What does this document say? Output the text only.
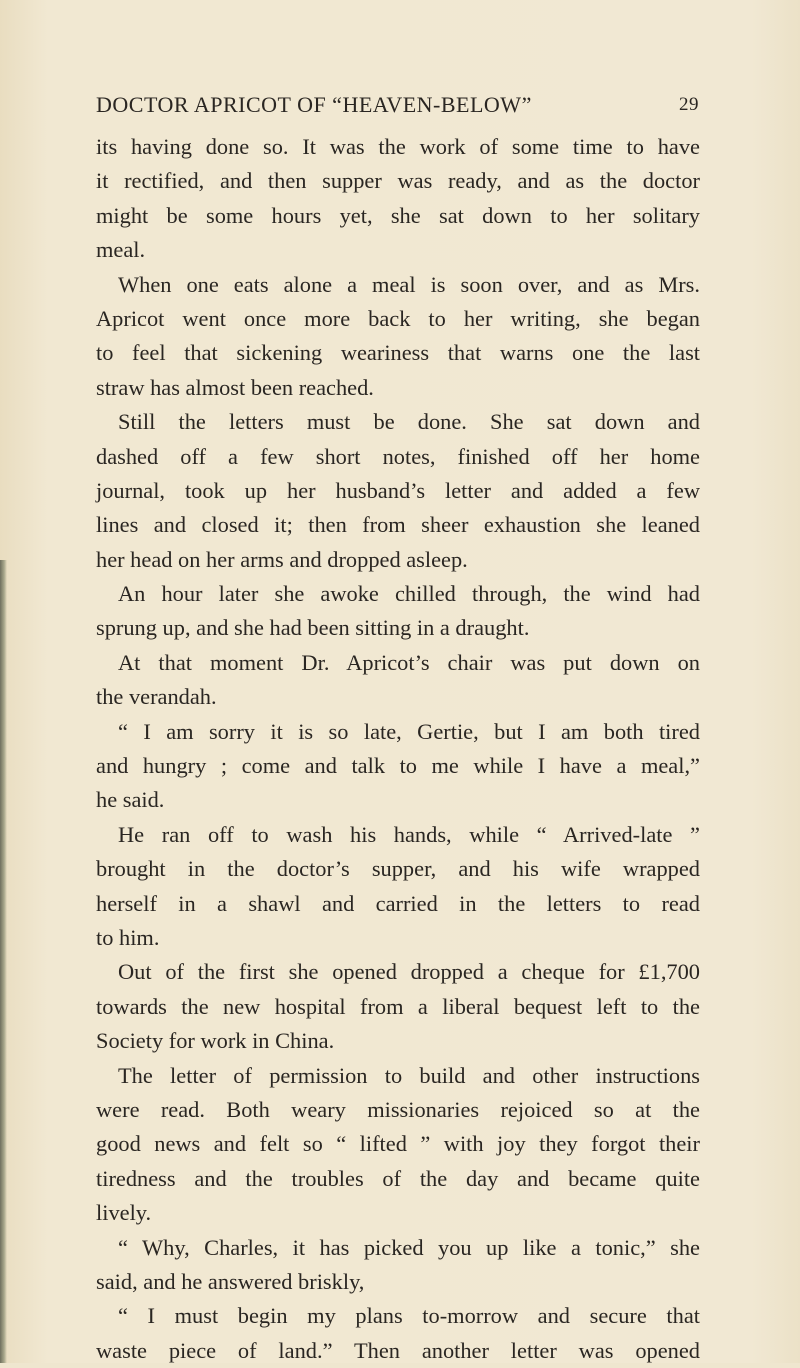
DOCTOR APRICOT OF “HEAVEN-BELOW”	29
its having done so. It was the work of some time to have
it rectified, and then supper was ready, and as the doctor
might be some hours yet, she sat down to her solitary
meal.
When one eats alone a meal is soon over, and as Mrs.
Apricot went once more back to her writing, she began
to feel that sickening weariness that warns one the last
straw has almost been reached.
Still the letters must be done. She sat down and
dashed off a few short notes, finished off her home
journal, took up her husband’s letter and added a few
lines and closed it; then from sheer exhaustion she leaned
her head on her arms and dropped asleep.
An hour later she awoke chilled through, the wind had
sprung up, and she had been sitting in a draught.
At that moment Dr. Apricot’s chair was put down on
the verandah.
“ I am sorry it is so late, Gertie, but I am both tired
and hungry ; come and talk to me while I have a meal,”
he said.
He ran off to wash his hands, while “ Arrived-late ”
brought in the doctor’s supper, and his wife wrapped
herself in a shawl and carried in the letters to read
to him.
Out of the first she opened dropped a cheque for £1,700
towards the new hospital from a liberal bequest left to the
Society for work in China.
The letter of permission to build and other instructions
were read. Both weary missionaries rejoiced so at the
good news and felt so “ lifted ” with joy they forgot their
tiredness and the troubles of the day and became quite
lively.
“ Why, Charles, it has picked you up like a tonic,” she
said, and he answered briskly,
“ I must begin my plans to-morrow and secure that
waste piece of land.” Then another letter was opened
